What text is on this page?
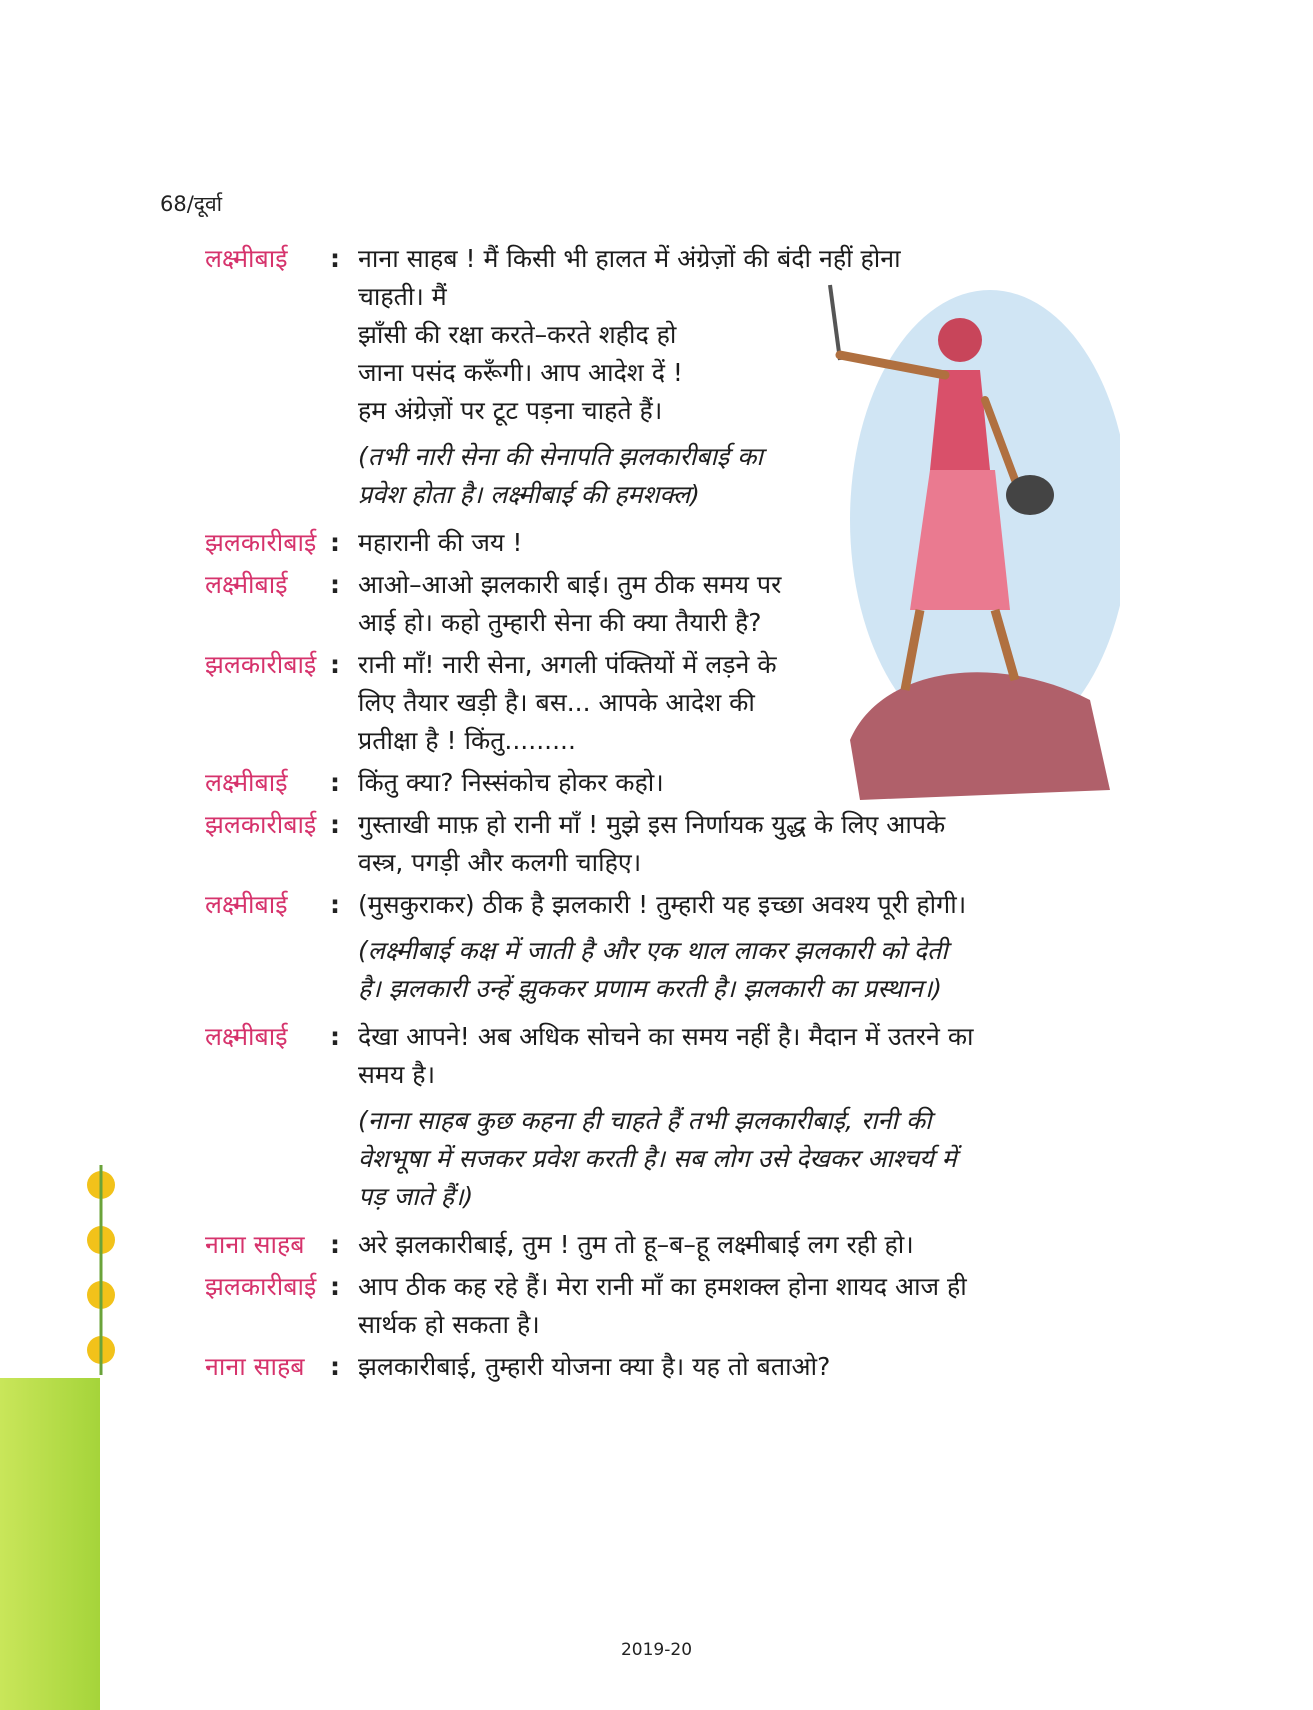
68/दूर्वा
लक्ष्मीबाई	: नाना साहब ! मैं किसी भी हालत में अंग्रेज़ों की बंदी नहीं होना चाहती। मैं

झाँसी की रक्षा करते–करते शहीद हो

जाना पसंद करूँगी। आप आदेश दें !

हम अंग्रेज़ों पर टूट पड़ना चाहते हैं।

(तभी नारी सेना की सेनापति झलकारीबाई का

प्रवेश होता है। लक्ष्मीबाई की हमशक्ल)

झलकारीबाई : महारानी की जय !

लक्ष्मीबाई	: आओ–आओ झलकारी बाई। तुम ठीक समय पर

आई हो। कहो तुम्हारी सेना की क्या तैयारी है?

झलकारीबाई : रानी माँ! नारी सेना, अगली पंक्तियों में लड़ने के

लिए तैयार खड़ी है। बस... आपके आदेश की

प्रतीक्षा है ! किंतु.........

लक्ष्मीबाई	: किंतु क्या? निस्संकोच होकर कहो।

झलकारीबाई : गुस्ताखी माफ़ हो रानी माँ ! मुझे इस निर्णायक युद्ध के लिए आपके

वस्त्र, पगड़ी और कलगी चाहिए।

लक्ष्मीबाई	: (मुसकुराकर) ठीक है झलकारी ! तुम्हारी यह इच्छा अवश्य पूरी होगी।

(लक्ष्मीबाई कक्ष में जाती है और एक थाल लाकर झलकारी को देती

है। झलकारी उन्हें झुककर प्रणाम करती है। झलकारी का प्रस्थान।)

लक्ष्मीबाई	: देखा आपने! अब अधिक सोचने का समय नहीं है। मैदान में उतरने का

समय है।

(नाना साहब कुछ कहना ही चाहते हैं तभी झलकारीबाई, रानी की

वेशभूषा में सजकर प्रवेश करती है। सब लोग उसे देखकर आश्चर्य में

पड़ जाते हैं।)

नाना साहब	: अरे झलकारीबाई, तुम ! तुम तो हू–ब–हू लक्ष्मीबाई लग रही हो।

झलकारीबाई : आप ठीक कह रहे हैं। मेरा रानी माँ का हमशक्ल होना शायद आज ही

सार्थक हो सकता है।

नाना साहब	: झलकारीबाई, तुम्हारी योजना क्या है। यह तो बताओ?

2019-20
